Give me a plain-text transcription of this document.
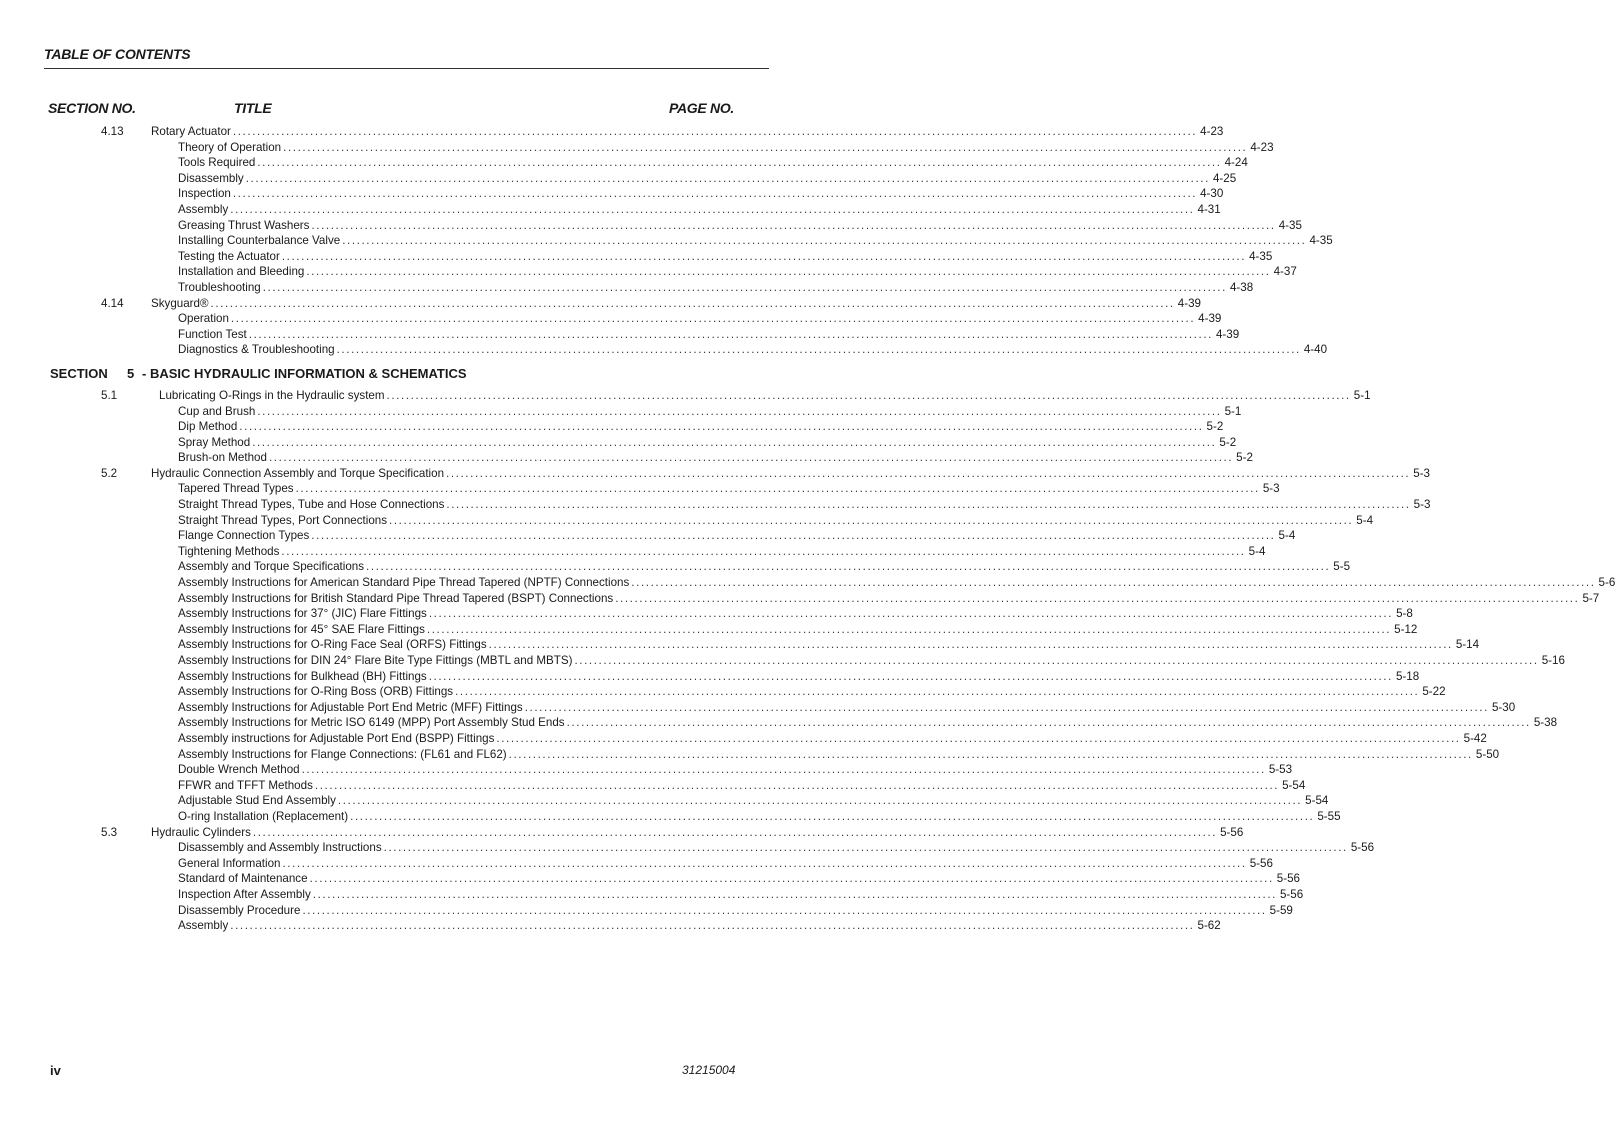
TABLE OF CONTENTS
SECTION NO.	TITLE	PAGE NO.
4.13 Rotary Actuator ........................................................................................................................................................................................................ 4-23
Theory of Operation ........................................................................................................................................................................................................ 4-23
Tools Required ........................................................................................................................................................................................................ 4-24
Disassembly ........................................................................................................................................................................................................ 4-25
Inspection ........................................................................................................................................................................................................ 4-30
Assembly ........................................................................................................................................................................................................ 4-31
Greasing Thrust Washers ........................................................................................................................................................................................................ 4-35
Installing Counterbalance Valve ........................................................................................................................................................................................................ 4-35
Testing the Actuator ........................................................................................................................................................................................................ 4-35
Installation and Bleeding ........................................................................................................................................................................................................ 4-37
Troubleshooting ........................................................................................................................................................................................................ 4-38
4.14 Skyguard® ........................................................................................................................................................................................................ 4-39
Operation ........................................................................................................................................................................................................ 4-39
Function Test ........................................................................................................................................................................................................ 4-39
Diagnostics & Troubleshooting ........................................................................................................................................................................................................ 4-40
SECTION 5 - BASIC HYDRAULIC INFORMATION & SCHEMATICS
5.1	Lubricating O-Rings in the Hydraulic system ........................................................................................................................................................................................................ 5-1
Cup and Brush ........................................................................................................................................................................................................ 5-1
Dip Method ........................................................................................................................................................................................................ 5-2
Spray Method ........................................................................................................................................................................................................ 5-2
Brush-on Method ........................................................................................................................................................................................................ 5-2
5.2	Hydraulic Connection Assembly and Torque Specification ........................................................................................................................................................................................................ 5-3
Tapered Thread Types ........................................................................................................................................................................................................ 5-3
Straight Thread Types, Tube and Hose Connections ........................................................................................................................................................................................................ 5-3
Straight Thread Types, Port Connections ........................................................................................................................................................................................................ 5-4
Flange Connection Types ........................................................................................................................................................................................................ 5-4
Tightening Methods ........................................................................................................................................................................................................ 5-4
Assembly and Torque Specifications ........................................................................................................................................................................................................ 5-5
Assembly Instructions for American Standard Pipe Thread Tapered (NPTF) Connections ........................................................................................................................................................................................................ 5-6
Assembly Instructions for British Standard Pipe Thread Tapered (BSPT) Connections ........................................................................................................................................................................................................ 5-7
Assembly Instructions for 37° (JIC) Flare Fittings ........................................................................................................................................................................................................ 5-8
Assembly Instructions for 45° SAE Flare Fittings ........................................................................................................................................................................................................ 5-12
Assembly Instructions for O-Ring Face Seal (ORFS) Fittings ........................................................................................................................................................................................................ 5-14
Assembly Instructions for DIN 24° Flare Bite Type Fittings (MBTL and MBTS) ........................................................................................................................................................................................................ 5-16
Assembly Instructions for Bulkhead (BH) Fittings ........................................................................................................................................................................................................ 5-18
Assembly Instructions for O-Ring Boss (ORB) Fittings ........................................................................................................................................................................................................ 5-22
Assembly Instructions for Adjustable Port End Metric (MFF) Fittings ........................................................................................................................................................................................................ 5-30
Assembly Instructions for Metric ISO 6149 (MPP) Port Assembly Stud Ends ........................................................................................................................................................................................................ 5-38
Assembly instructions for Adjustable Port End (BSPP) Fittings ........................................................................................................................................................................................................ 5-42
Assembly Instructions for Flange Connections: (FL61 and FL62) ........................................................................................................................................................................................................ 5-50
Double Wrench Method ........................................................................................................................................................................................................ 5-53
FFWR and TFFT Methods ........................................................................................................................................................................................................ 5-54
Adjustable Stud End Assembly ........................................................................................................................................................................................................ 5-54
O-ring Installation (Replacement) ........................................................................................................................................................................................................ 5-55
5.3	Hydraulic Cylinders ........................................................................................................................................................................................................ 5-56
Disassembly and Assembly Instructions ........................................................................................................................................................................................................ 5-56
General Information ........................................................................................................................................................................................................ 5-56
Standard of Maintenance ........................................................................................................................................................................................................ 5-56
Inspection After Assembly ........................................................................................................................................................................................................ 5-56
Disassembly Procedure ........................................................................................................................................................................................................ 5-59
Assembly ........................................................................................................................................................................................................ 5-62
iv	31215004
